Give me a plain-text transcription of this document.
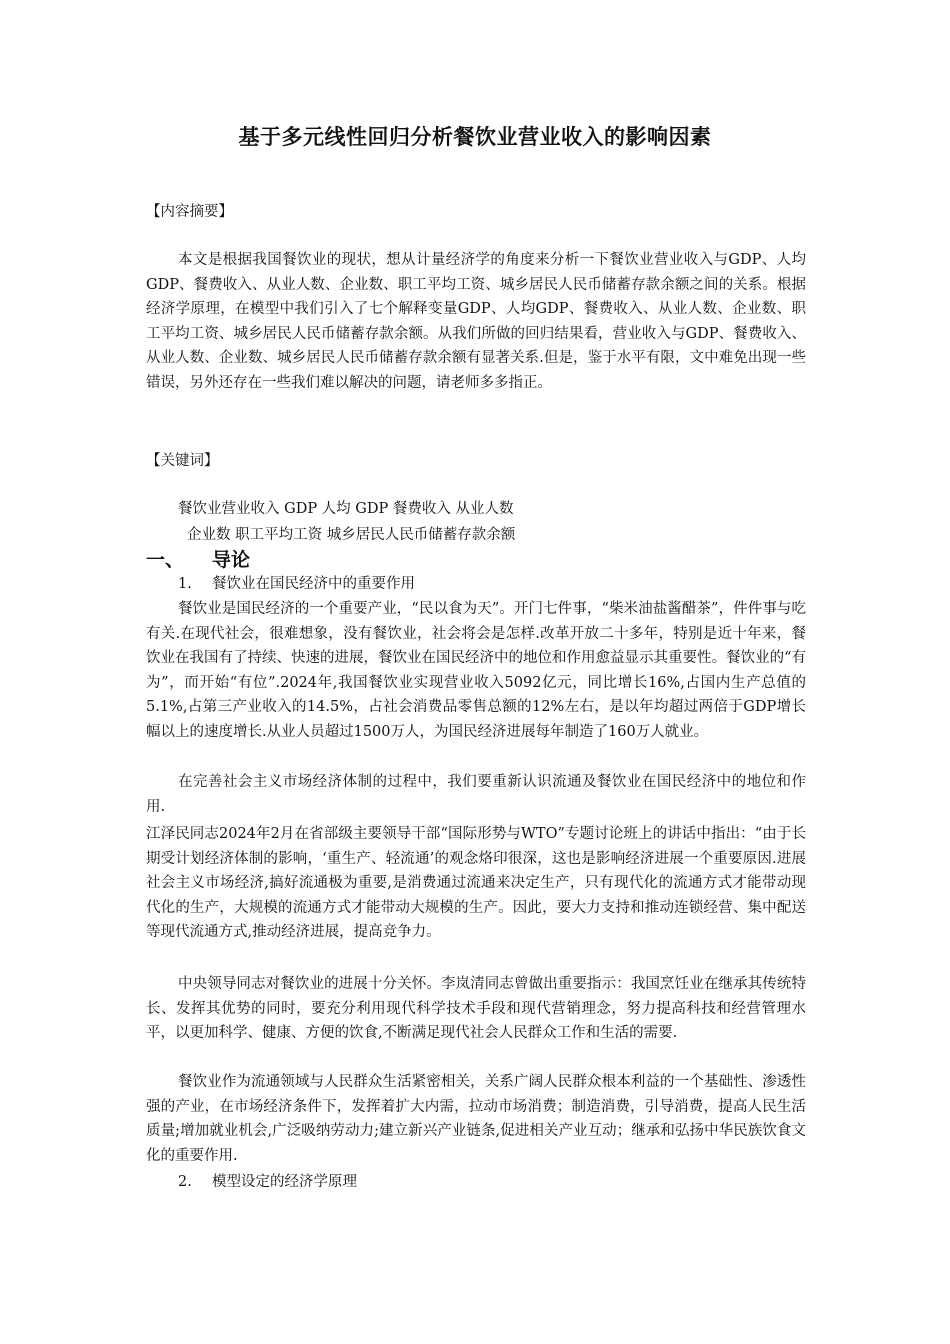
基于多元线性回归分析餐饮业营业收入的影响因素
【内容摘要】

本文是根据我国餐饮业的现状，想从计量经济学的角度来分析一下餐饮业营业收入与GDP、人均GDP、餐费收入、从业人数、企业数、职工平均工资、城乡居民人民币储蓄存款余额之间的关系。根据经济学原理，在模型中我们引入了七个解释变量GDP、人均GDP、餐费收入、从业人数、企业数、职工平均工资、城乡居民人民币储蓄存款余额。从我们所做的回归结果看，营业收入与GDP、餐费收入、从业人数、企业数、城乡居民人民币储蓄存款余额有显著关系.但是，鉴于水平有限，文中难免出现一些错误，另外还存在一些我们难以解决的问题，请老师多多指正。

【关键词】
餐饮业营业收入 GDP 人均 GDP 餐费收入 从业人数
企业数 职工平均工资 城乡居民人民币储蓄存款余额
一、 导论
1. 餐饮业在国民经济中的重要作用

餐饮业是国民经济的一个重要产业，“民以食为天”。开门七件事，“柴米油盐酱醋茶”，件件事与吃有关.在现代社会，很难想象，没有餐饮业，社会将会是怎样.改革开放二十多年，特别是近十年来，餐饮业在我国有了持续、快速的进展，餐饮业在国民经济中的地位和作用愈益显示其重要性。餐饮业的“有为”，而开始“有位”.2024年,我国餐饮业实现营业收入5092亿元，同比增长16%,占国内生产总值的5.1%,占第三产业收入的14.5%，占社会消费品零售总额的12%左右，是以年均超过两倍于GDP增长幅以上的速度增长.从业人员超过1500万人，为国民经济进展每年制造了160万人就业。

在完善社会主义市场经济体制的过程中，我们要重新认识流通及餐饮业在国民经济中的地位和作用.

江泽民同志2024年2月在省部级主要领导干部“国际形势与WTO”专题讨论班上的讲话中指出：“由于长期受计划经济体制的影响，‘重生产、轻流通’的观念烙印很深，这也是影响经济进展一个重要原因.进展社会主义市场经济,搞好流通极为重要,是消费通过流通来决定生产，只有现代化的流通方式才能带动现代化的生产，大规模的流通方式才能带动大规模的生产。因此，要大力支持和推动连锁经营、集中配送等现代流通方式,推动经济进展，提高竞争力。

中央领导同志对餐饮业的进展十分关怀。李岚清同志曾做出重要指示：我国烹饪业在继承其传统特长、发挥其优势的同时，要充分利用现代科学技术手段和现代营销理念，努力提高科技和经营管理水平，以更加科学、健康、方便的饮食,不断满足现代社会人民群众工作和生活的需要.

餐饮业作为流通领域与人民群众生活紧密相关，关系广阔人民群众根本利益的一个基础性、渗透性强的产业，在市场经济条件下，发挥着扩大内需，拉动市场消费；制造消费，引导消费，提高人民生活质量;增加就业机会,广泛吸纳劳动力;建立新兴产业链条,促进相关产业互动；继承和弘扬中华民族饮食文化的重要作用.

2. 模型设定的经济学原理
